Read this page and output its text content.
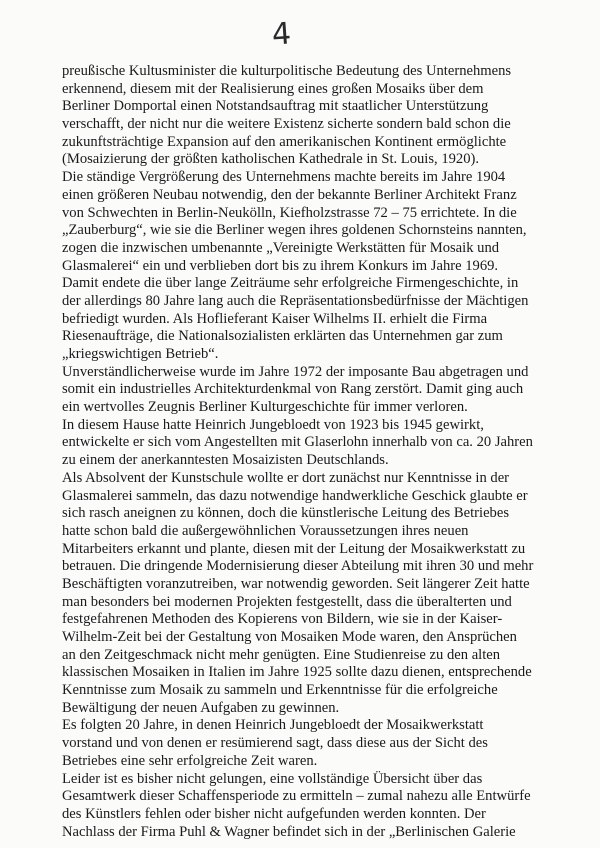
4
preußische Kultusminister die kulturpolitische Bedeutung des Unternehmens
erkennend, diesem mit der Realisierung eines großen Mosaiks über dem
Berliner Domportal einen Notstandsauftrag mit staatlicher Unterstützung
verschafft, der nicht nur die weitere Existenz sicherte sondern bald schon die
zukunftsträchtige Expansion auf den amerikanischen Kontinent ermöglichte
(Mosaizierung der größten katholischen Kathedrale in St. Louis, 1920).
Die ständige Vergrößerung des Unternehmens machte bereits im Jahre 1904
einen größeren Neubau notwendig, den der bekannte Berliner Architekt Franz
von Schwechten in Berlin-Neukölln, Kiefholzstrasse 72 – 75 errichtete. In die
„Zauberburg“, wie sie die Berliner wegen ihres goldenen Schornsteins nannten,
zogen die inzwischen umbenannte „Vereinigte Werkstätten für Mosaik und
Glasmalerei“ ein und verblieben dort bis zu ihrem Konkurs im Jahre 1969.
Damit endete die über lange Zeiträume sehr erfolgreiche Firmengeschichte, in
der allerdings 80 Jahre lang auch die Repräsentationsbedürfnisse der Mächtigen
befriedigt wurden. Als Hoflieferant Kaiser Wilhelms II. erhielt die Firma
Riesenaufträge, die Nationalsozialisten erklärten das Unternehmen gar zum
„kriegswichtigen Betrieb“.
Unverständlicherweise wurde im Jahre 1972 der imposante Bau abgetragen und
somit ein industrielles Architekturdenkmal von Rang zerstört. Damit ging auch
ein wertvolles Zeugnis Berliner Kulturgeschichte für immer verloren.
In diesem Hause hatte Heinrich Jungebloedt von 1923 bis 1945 gewirkt,
entwickelte er sich vom Angestellten mit Glaserlohn innerhalb von ca. 20 Jahren
zu einem der anerkanntesten Mosaizisten Deutschlands.
Als Absolvent der Kunstschule wollte er dort zunächst nur Kenntnisse in der
Glasmalerei sammeln, das dazu notwendige handwerkliche Geschick glaubte er
sich rasch aneignen zu können, doch die künstlerische Leitung des Betriebes
hatte schon bald die außergewöhnlichen Voraussetzungen ihres neuen
Mitarbeiters erkannt und plante, diesen mit der Leitung der Mosaikwerkstatt zu
betrauen. Die dringende Modernisierung dieser Abteilung mit ihren 30 und mehr
Beschäftigten voranzutreiben, war notwendig geworden. Seit längerer Zeit hatte
man besonders bei modernen Projekten festgestellt, dass die überalterten und
festgefahrenen Methoden des Kopierens von Bildern, wie sie in der Kaiser-
Wilhelm-Zeit bei der Gestaltung von Mosaiken Mode waren, den Ansprüchen
an den Zeitgeschmack nicht mehr genügten. Eine Studienreise zu den alten
klassischen Mosaiken in Italien im Jahre 1925 sollte dazu dienen, entsprechende
Kenntnisse zum Mosaik zu sammeln und Erkenntnisse für die erfolgreiche
Bewältigung der neuen Aufgaben zu gewinnen.
Es folgten 20 Jahre, in denen Heinrich Jungebloedt der Mosaikwerkstatt
vorstand und von denen er resümierend sagt, dass diese aus der Sicht des
Betriebes eine sehr erfolgreiche Zeit waren.
Leider ist es bisher nicht gelungen, eine vollständige Übersicht über das
Gesamtwerk dieser Schaffensperiode zu ermitteln – zumal nahezu alle Entwürfe
des Künstlers fehlen oder bisher nicht aufgefunden werden konnten. Der
Nachlass der Firma Puhl & Wagner befindet sich in der „Berlinischen Galerie
